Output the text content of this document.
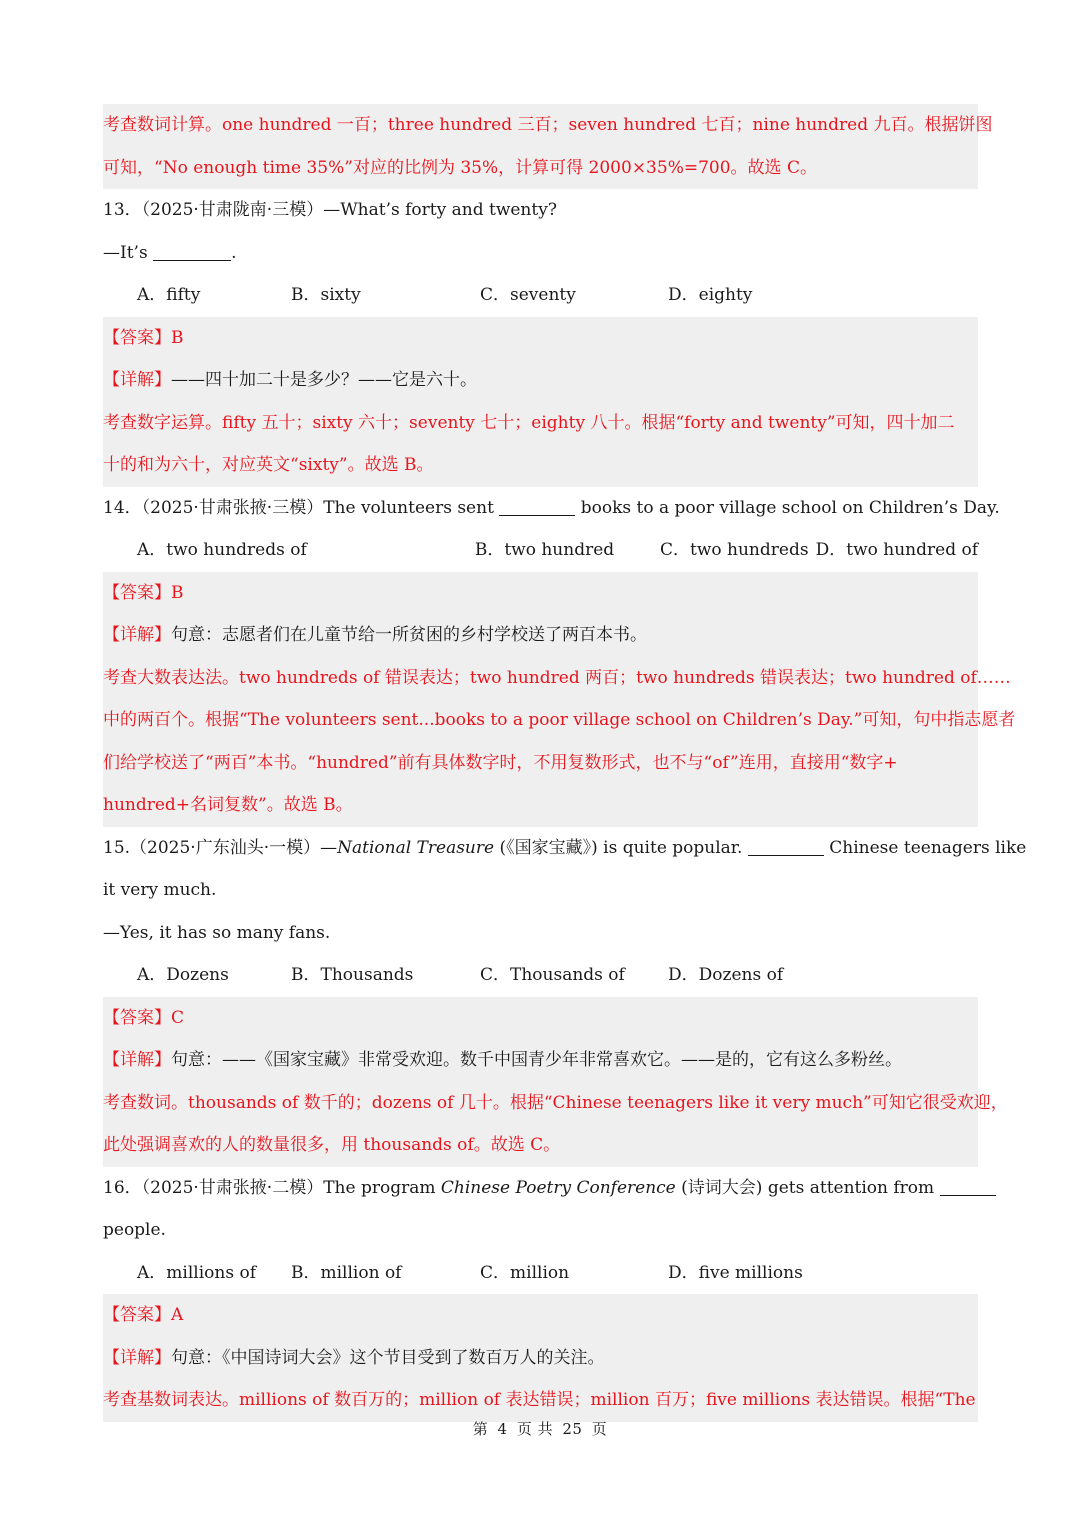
考查数词计算。one hundred 一百；three hundred 三百；seven hundred 七百；nine hundred 九百。根据饼图
可知，“No enough time 35%”对应的比例为 35%，计算可得 2000×35%=700。故选 C。
13．（2025·甘肃陇南·三模）—What’s forty and twenty?
—It’s	.
A．fifty	B．sixty	C．seventy	D．eighty
【答案】B
【详解】——四十加二十是多少？——它是六十。
考查数字运算。fifty 五十；sixty 六十；seventy 七十；eighty 八十。根据“forty and twenty”可知，四十加二
十的和为六十，对应英文“sixty”。故选 B。
14．（2025·甘肃张掖·三模）The volunteers sent	books to a poor village school on Children’s Day.
A．two hundreds of	B．two hundred	C．two hundreds D．two hundred of
【答案】B
【详解】句意：志愿者们在儿童节给一所贫困的乡村学校送了两百本书。
考查大数表达法。two hundreds of 错误表达；two hundred 两百；two hundreds 错误表达；two hundred of……
中的两百个。根据“The volunteers sent...books to a poor village school on Children’s Day.”可知，句中指志愿者
们给学校送了“两百”本书。“hundred”前有具体数字时，不用复数形式，也不与“of”连用，直接用“数字+
hundred+名词复数”。故选 B。
15.（2025·广东汕头·一模）—National Treasure (《国家宝藏》) is quite popular.	Chinese teenagers like
it very much.
—Yes, it has so many fans.
A．Dozens	B．Thousands	C．Thousands of	D．Dozens of
【答案】C
【详解】句意：——《国家宝藏》非常受欢迎。数千中国青少年非常喜欢它。——是的，它有这么多粉丝。
考查数词。thousands of 数千的；dozens of 几十。根据“Chinese teenagers like it very much”可知它很受欢迎，
此处强调喜欢的人的数量很多，用 thousands of。故选 C。
16．（2025·甘肃张掖·二模）The program Chinese Poetry Conference (诗词大会) gets attention from
people.
A．millions of	B．million of	C．million	D．five millions
【答案】A
【详解】句意：《中国诗词大会》这个节目受到了数百万人的关注。
考查基数词表达。millions of 数百万的；million of 表达错误；million 百万；five millions 表达错误。根据“The
第 4 页 共 25 页
